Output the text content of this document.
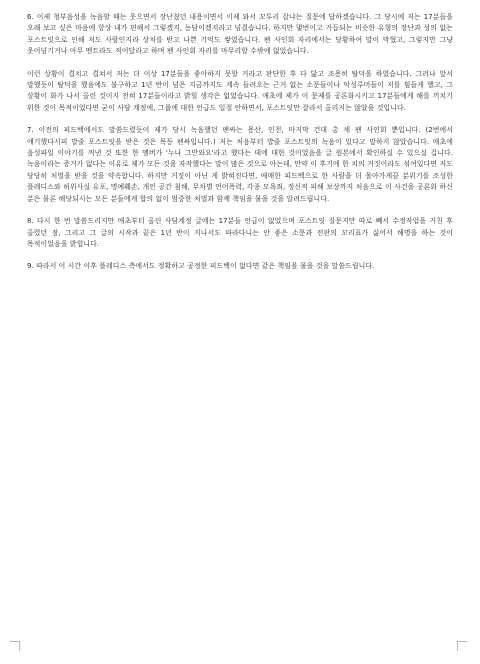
6. 이제 청부음성을 녹음할 때는 웃으면서 장난쳤던 내용이면서 이제 와서 꼬투리 잡냐는 질문에 답하겠습니다. 그 당시에 저는 17분들을 오래 보고 싶은 마음에 항상 내가 편해서 그렇겠지, 농담이겠지라고 넘겼습니다. 하지만 몇번이고 거듭되는 비슷한 유형의 장난과 성의 없는 포스트잇으로 인해 저도 사람인지라 상처를 받고 나쁜 기억도 쌓였습니다. 팬 사인회 자리에서는 당황하여 말이 막혔고, 그렇지만 그냥 웃어넘기거나 아무 멘트라도 적어달라고 하며 팬 사인회 자리를 마무리할 수밖에 없었습니다.

이런 상황이 겹치고 겹쳐서 저는 더 이상 17분들을 좋아하지 못할 거라고 판단한 후 다 닳고 조용히 탈덕을 하였습니다. 그러나 앞서 말했듯이 탈덕을 했음에도 불구하고 1년 반이 넘은 지금까지도 계속 들려오는 근거 없는 소문들이나 악성루머들이 저를 힘들게 했고, 그 상황이 화가 나서 올린 것이지 전혀 17분들이라고 밝힐 생각은 없었습니다. 애초에 제가 이 문제를 공론화시키고 17분들에게 해를 끼치기 위한 것이 목적이었다면 굳이 사담 계정에, 그룹에 대한 언급도 일절 안하면서, 포스트잇만 잘라서 올리지는 않았을 것입니다.

7. 이전의 피드백에서도 말씀드렸듯이 제가 당시 녹음했던 팬싸는 용산, 인천, 마지막 건대 총 세 팬 사인회 뿐입니다. (2번에서 얘기했다시피 밥줄 포스트잇을 받은 것은 목동 팬싸입니다.) 저는 처음부터 밥줄 포스트잇의 녹음이 있다고 말하지 않았습니다. 애초에 음성파일 이야기를 꺼낸 것 또한 한 멤버가 '누나 그만와요'라고 했다는 데에 대한 것이었음을 글 원본에서 확인하실 수 있으실 겁니다. 녹음이라는 증거가 없다는 이유로 제가 모든 것을 자작했다는 말이 많은 것으로 아는데, 만약 이 후기에 한 치의 거짓이라도 섞여있다면 저도 당당히 처벌을 받을 것을 약속합니다. 하지만 거짓이 아닌 게 밝혀진다면, 애매한 피드백으로 한 사람을 더 몰아가게끔 분위기를 조성한 플레디스와 허위사실 유포, 명예훼손, 개인 공간 침해, 무차별 언어폭력, 각종 모욕죄, 정신적 피해 보상까지 처음으로 이 사건을 공론화 하신 분은 물론 해당되시는 모든 분들에게 합의 없이 엄중한 처벌과 함께 책임을 물을 것을 알려드립니다.

8. 다시 한 번 말씀드리지만 애초부터 올린 사담계정 글에는 17분들 언급이 없었으며 포스트잇 질문지만 따로 빼서 수정작업을 거친 후 올렸던 점, 그리고 그 글의 시작과 끝은 1년 반이 지나서도 따라다니는 안 좋은 소문과 전판의 꼬리표가 싫어서 해명을 하는 것이 목적이었음을 밝힙니다.

9. 따라서 이 시간 이후 플레디스 측에서도 정확하고 공정한 피드백이 없다면 같은 책임을 물을 것을 말씀드립니다.
